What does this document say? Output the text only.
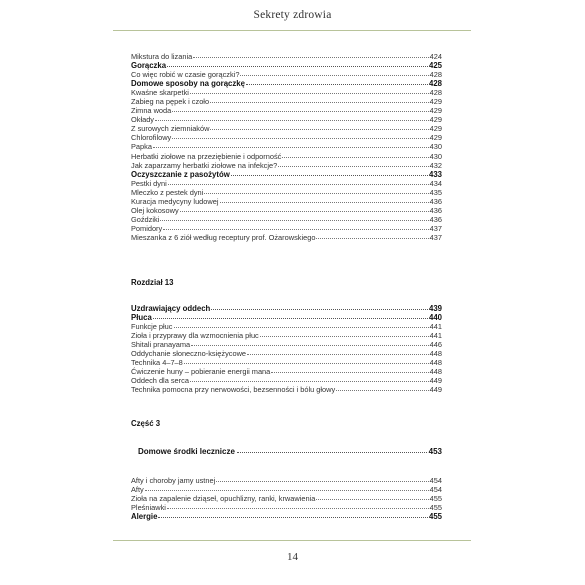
Sekrety zdrowia
Mikstura do lizania	424
Gorączka	425
Co więc robić w czasie gorączki?	428
Domowe sposoby na gorączkę	428
Kwaśne skarpetki	428
Zabieg na pępek i czoło	429
Zimna woda	429
Okłady	429
Z surowych ziemniaków	429
Chlorofilowy	429
Papka	430
Herbatki ziołowe na przeziębienie i odporność	430
Jak zaparzamy herbatki ziołowe na infekcje?	432
Oczyszczanie z pasożytów	433
Pestki dyni	434
Mleczko z pestek dyni	435
Kuracja medycyny ludowej	436
Olej kokosowy	436
Goździki	436
Pomidory	437
Mieszanka z 6 ziół według receptury prof. Ożarowskiego	437
Rozdział 13
Uzdrawiający oddech	439
Płuca	440
Funkcje płuc	441
Zioła i przyprawy dla wzmocnienia płuc	441
Shitali pranayama	446
Oddychanie słoneczno-księżycowe	448
Technika 4–7–8	448
Ćwiczenie huny – pobieranie energii mana	448
Oddech dla serca	449
Technika pomocna przy nerwowości, bezsenności i bólu głowy	449
Część 3
Domowe środki lecznicze	453
Afty i choroby jamy ustnej	454
Afty	454
Zioła na zapalenie dziąseł, opuchlizny, ranki, krwawienia	455
Pleśniawki	455
Alergie	455
14
